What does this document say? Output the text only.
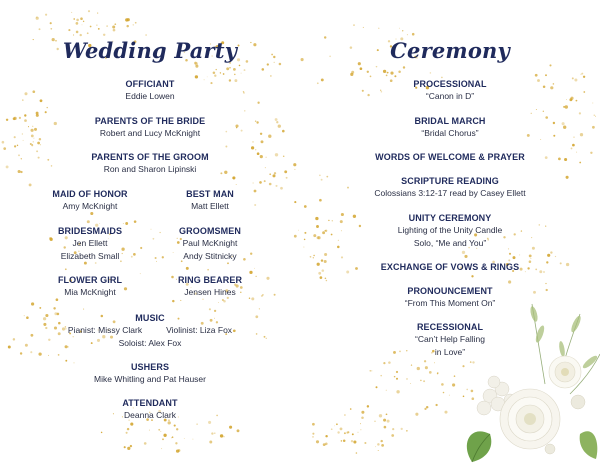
Wedding Party
OFFICIANT
Eddie Lowen
PARENTS OF THE BRIDE
Robert and Lucy McKnight
PARENTS OF THE GROOM
Ron and Sharon Lipinski
MAID OF HONOR
Amy McKnight
BEST MAN
Matt Ellett
BRIDESMAIDS
Jen Ellett
Elizabeth Small
GROOMSMEN
Paul McKnight
Andy Stitnicky
FLOWER GIRL
Mia McKnight
RING BEARER
Jensen Hines
MUSIC
Pianist: Missy Clark	Violinist: Liza Fox
Soloist: Alex Fox
USHERS
Mike Whitling and Pat Hauser
ATTENDANT
Deanna Clark
Ceremony
PROCESSIONAL
“Canon in D”
BRIDAL MARCH
“Bridal Chorus”
WORDS OF WELCOME & PRAYER
SCRIPTURE READING
Colossians 3:12-17 read by Casey Ellett
UNITY CEREMONY
Lighting of the Unity Candle
Solo, “Me and You”
EXCHANGE OF VOWS & RINGS
PRONOUNCEMENT
“From This Moment On”
RECESSIONAL
“Can’t Help Falling
in Love”
